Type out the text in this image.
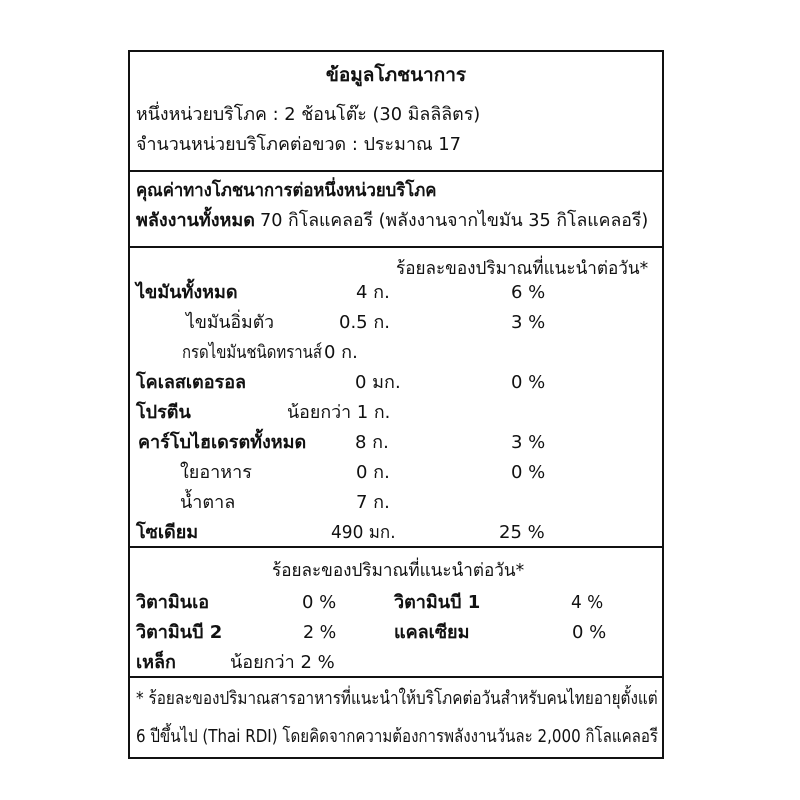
ข้อมูลโภชนาการ
หนึ่งหน่วยบริโภค : 2 ช้อนโต๊ะ (30 มิลลิลิตร)
จำนวนหน่วยบริโภคต่อขวด : ประมาณ 17
คุณค่าทางโภชนาการต่อหนึ่งหน่วยบริโภค
พลังงานทั้งหมด 70 กิโลแคลอรี (พลังงานจากไขมัน 35 กิโลแคลอรี)
ร้อยละของปริมาณที่แนะนำต่อวัน*
ไขมันทั้งหมด	4 ก.	6 %
ไขมันอิ่มตัว	0.5 ก.	3 %
กรดไขมันชนิดทรานส์ 0 ก.
โคเลสเตอรอล	0 มก.	0 %
โปรตีน	น้อยกว่า 1 ก.
คาร์โบไฮเดรตทั้งหมด	8 ก.	3 %
ใยอาหาร	0 ก.	0 %
น้ำตาล	7 ก.
โซเดียม	490 มก.	25 %
ร้อยละของปริมาณที่แนะนำต่อวัน*
วิตามินเอ	0 %	วิตามินบี 1	4 %
วิตามินบี 2	2 %	แคลเซียม	0 %
เหล็ก	น้อยกว่า 2 %
* ร้อยละของปริมาณสารอาหารที่แนะนำให้บริโภคต่อวันสำหรับคนไทยอายุตั้งแต่
6 ปีขึ้นไป (Thai RDI) โดยคิดจากความต้องการพลังงานวันละ 2,000 กิโลแคลอรี
